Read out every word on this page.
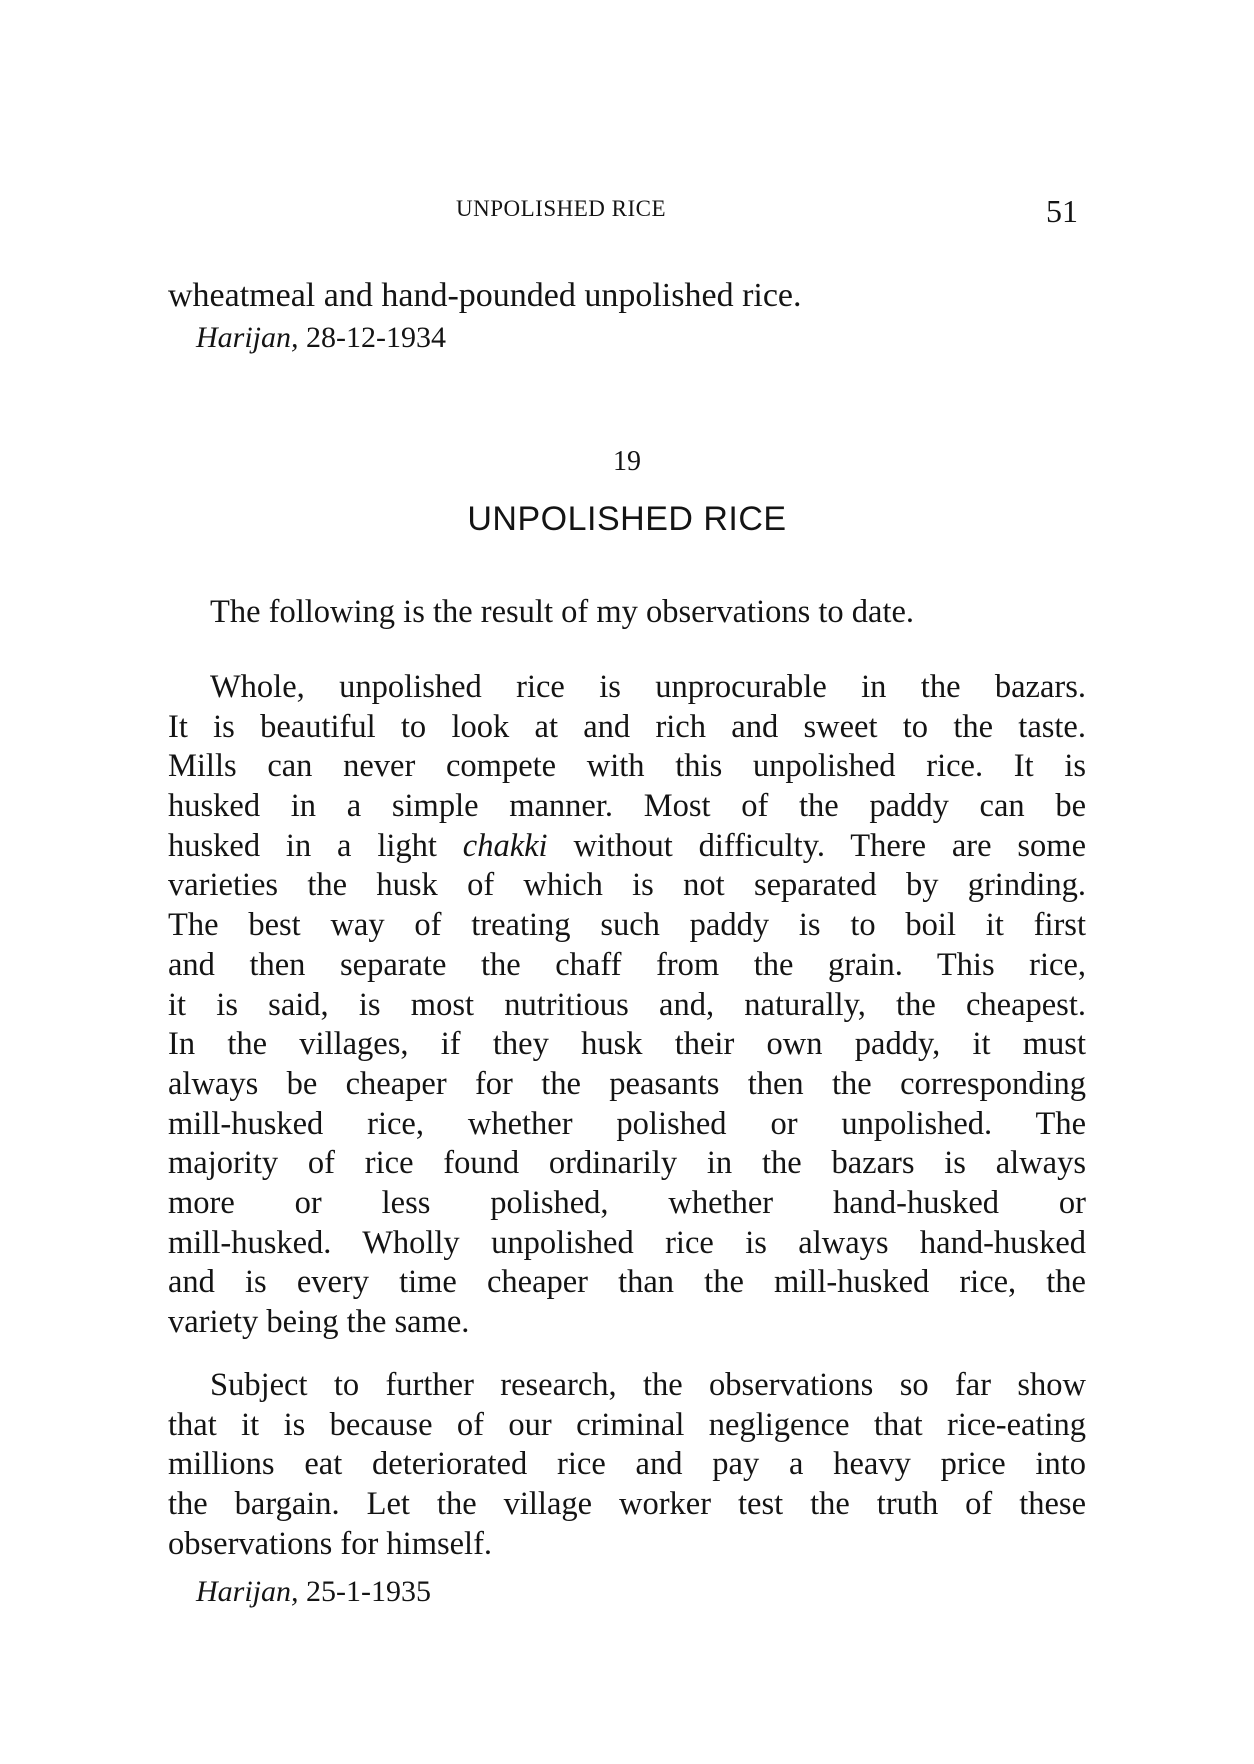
UNPOLISHED RICE	51
wheatmeal and hand-pounded unpolished rice.
Harijan, 28-12-1934
19
UNPOLISHED RICE
The following is the result of my observations to date.
Whole, unpolished rice is unprocurable in the bazars.
It is beautiful to look at and rich and sweet to the taste.
Mills can never compete with this unpolished rice. It is
husked in a simple manner. Most of the paddy can be
husked in a light chakki without difficulty. There are some
varieties the husk of which is not separated by grinding.
The best way of treating such paddy is to boil it first
and then separate the chaff from the grain. This rice,
it is said, is most nutritious and, naturally, the cheapest.
In the villages, if they husk their own paddy, it must
always be cheaper for the peasants then the corresponding
mill-husked rice, whether polished or unpolished. The
majority of rice found ordinarily in the bazars is always
more or less polished, whether hand-husked or
mill-husked. Wholly unpolished rice is always hand-husked
and is every time cheaper than the mill-husked rice, the
variety being the same.
Subject to further research, the observations so far show
that it is because of our criminal negligence that rice-eating
millions eat deteriorated rice and pay a heavy price into
the bargain. Let the village worker test the truth of these
observations for himself.
Harijan, 25-1-1935
